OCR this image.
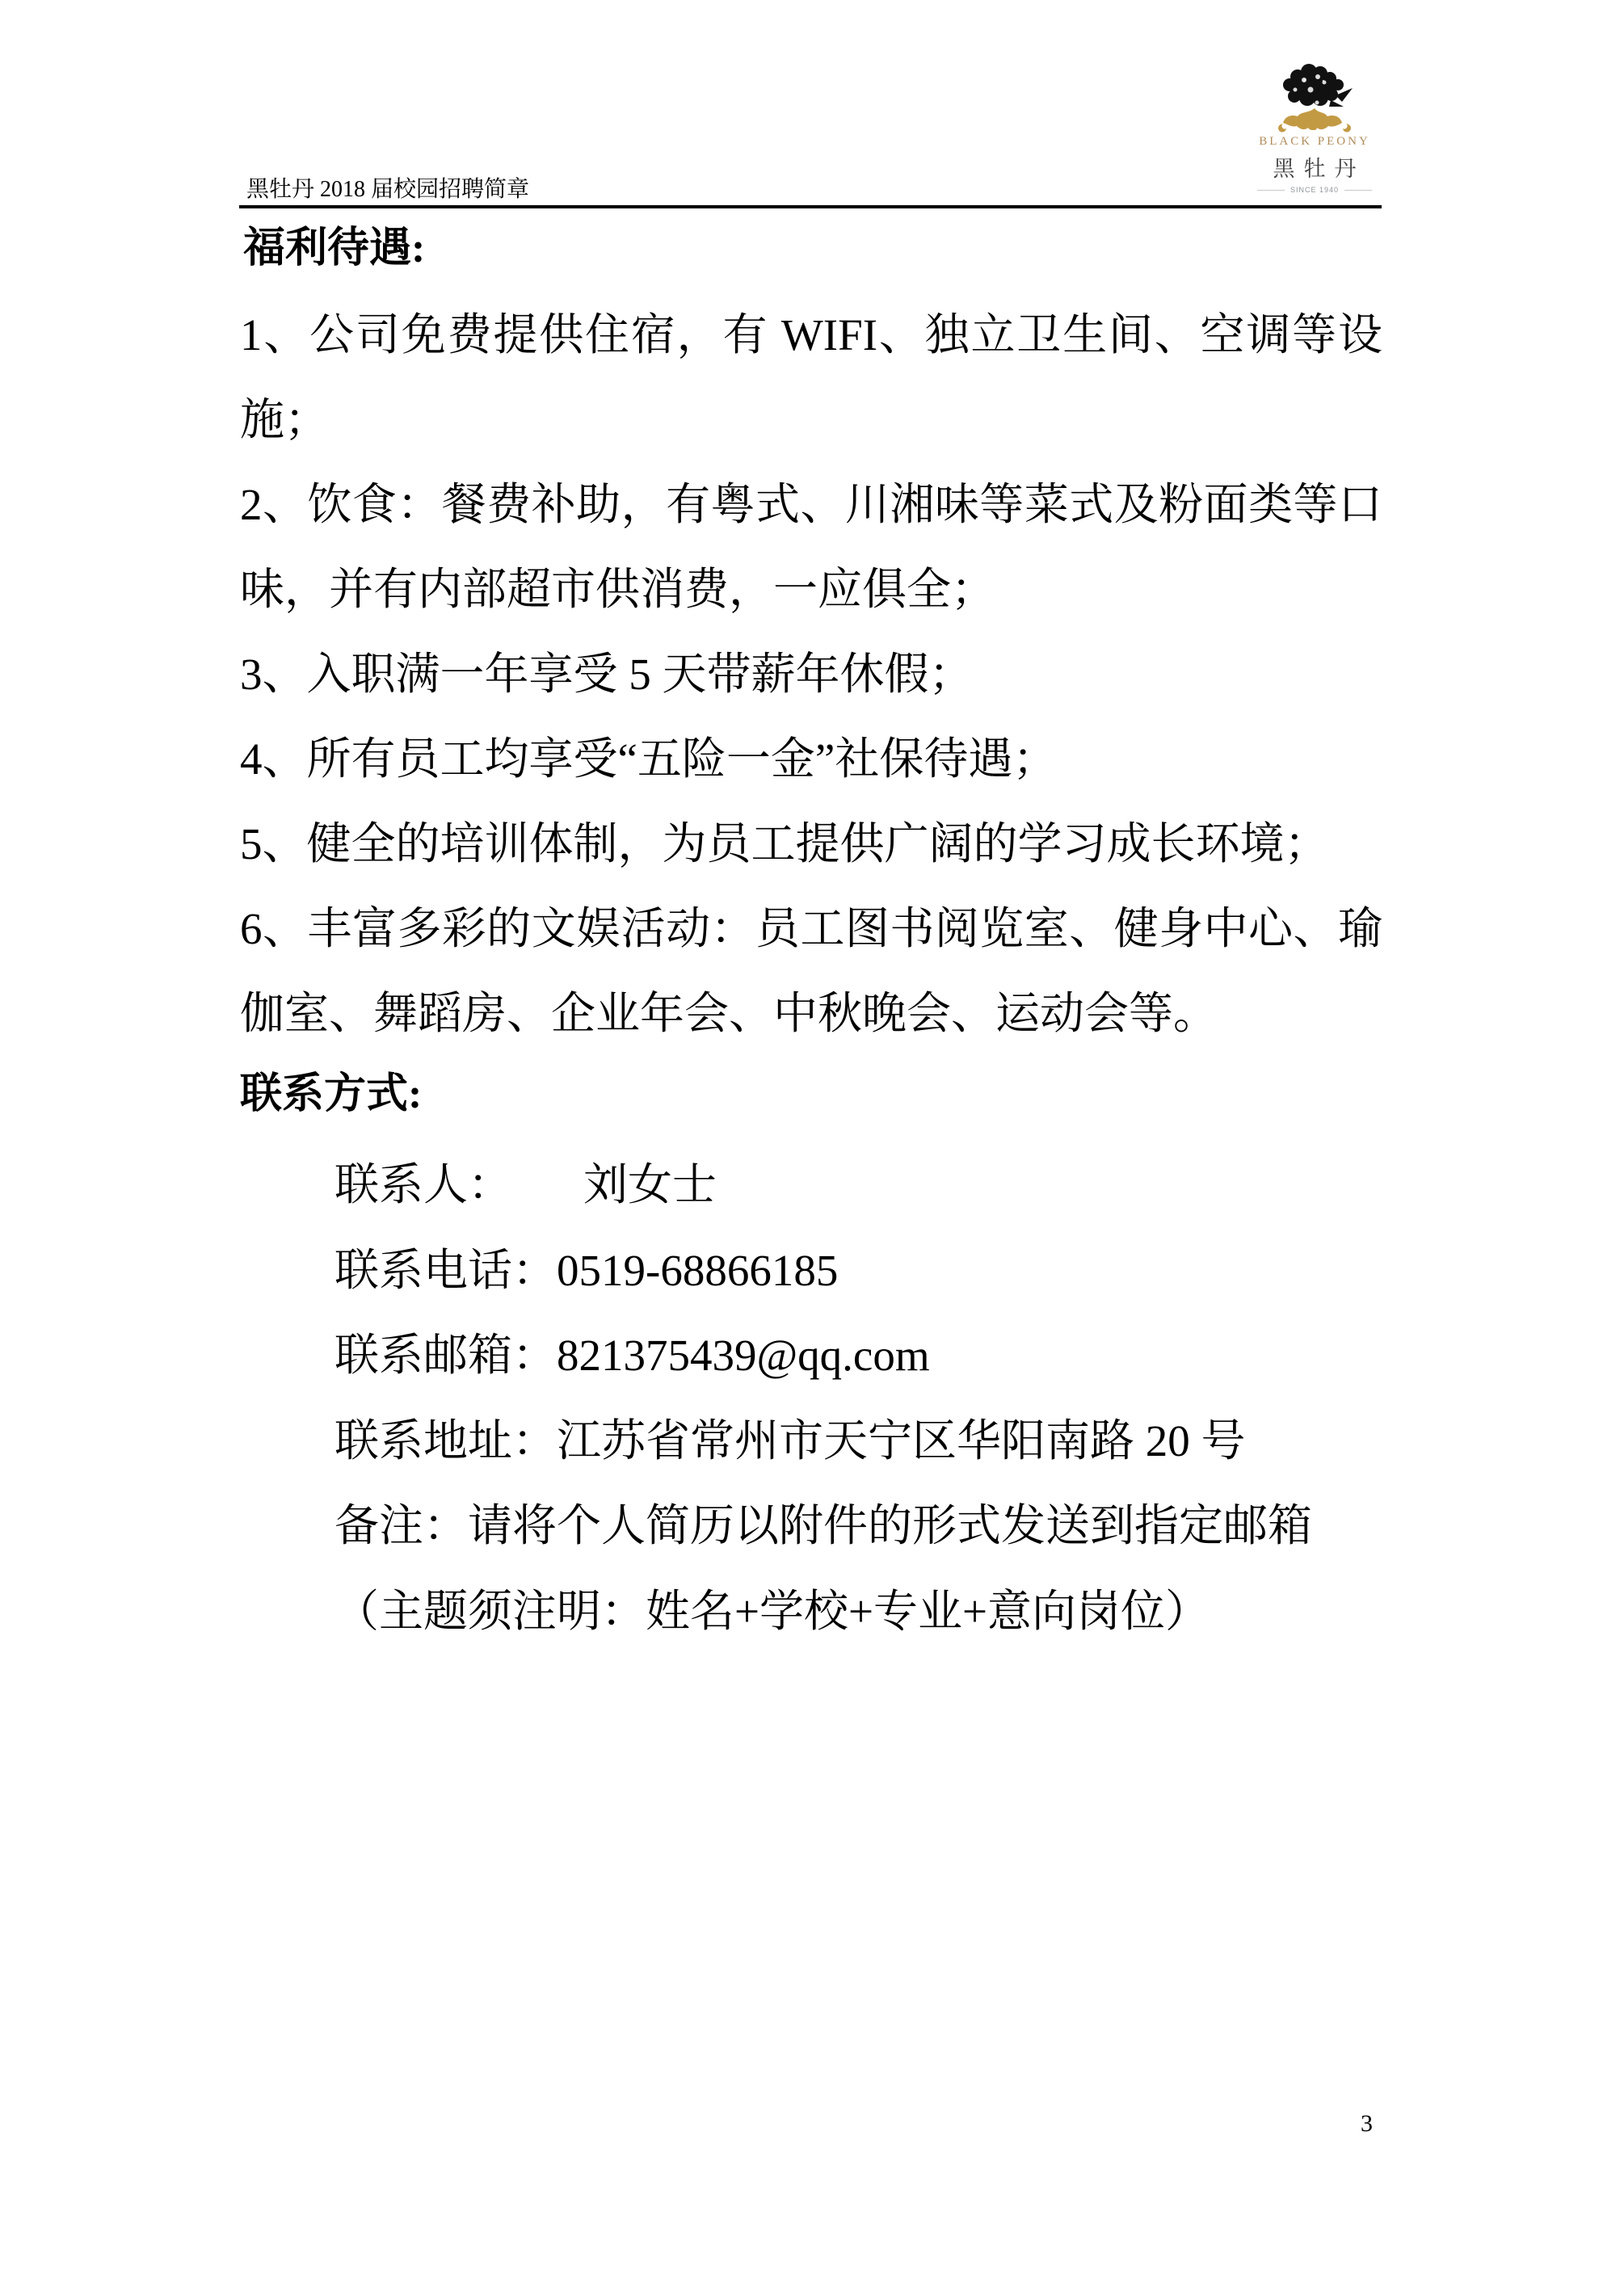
BLACK PEONY
黑牡丹
SINCE 1940
黑牡丹 2018 届校园招聘简章
福利待遇:

1、公司免费提供住宿，有 WIFI、独立卫生间、空调等设施；

2、饮食：餐费补助，有粤式、川湘味等菜式及粉面类等口味，并有内部超市供消费，一应俱全；

3、入职满一年享受 5 天带薪年休假；

4、所有员工均享受“五险一金”社保待遇；

5、健全的培训体制，为员工提供广阔的学习成长环境；

6、丰富多彩的文娱活动：员工图书阅览室、健身中心、瑜伽室、舞蹈房、企业年会、中秋晚会、运动会等。

联系方式:

联系人： 刘女士

联系电话：0519-68866185

联系邮箱：821375439@qq.com

联系地址：江苏省常州市天宁区华阳南路 20 号

备注：请将个人简历以附件的形式发送到指定邮箱

（主题须注明：姓名+学校+专业+意向岗位）

3
